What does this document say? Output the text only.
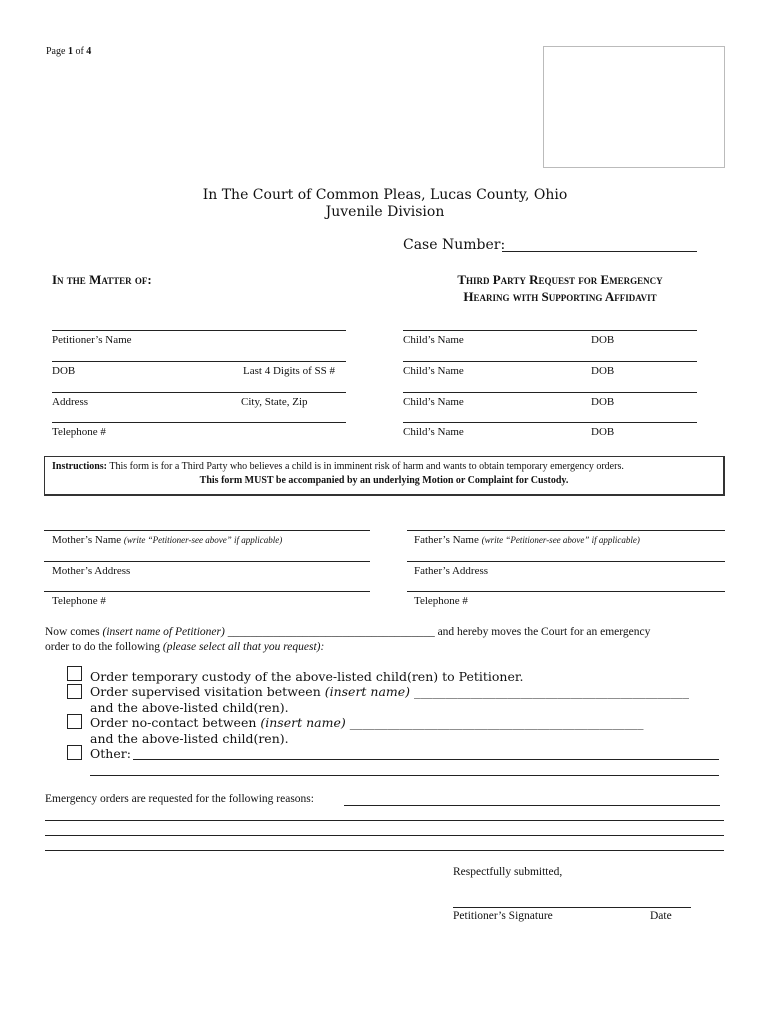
Page 1 of 4
In The Court of Common Pleas, Lucas County, Ohio
Juvenile Division
Case Number:
In the Matter of:	Third Party Request for Emergency
Hearing with Supporting Affidavit
Petitioner’s Name
DOB	Last 4 Digits of SS #
Address	City, State, Zip
Telephone #
Child’s Name	DOB
Child’s Name	DOB
Child’s Name	DOB
Child’s Name	DOB
Instructions: This form is for a Third Party who believes a child is in imminent risk of harm and wants to obtain temporary emergency orders.
This form MUST be accompanied by an underlying Motion or Complaint for Custody.
Mother’s Name (write “Petitioner-see above” if applicable)	Father’s Name (write “Petitioner-see above” if applicable)
Mother’s Address	Father’s Address
Telephone #	Telephone #
Now comes (insert name of Petitioner) ____________________________________ and hereby moves the Court for an emergency
order to do the following (please select all that you request):
Order temporary custody of the above-listed child(ren) to Petitioner.
Order supervised visitation between (insert name) ____________________________________________
and the above-listed child(ren).
Order no-contact between (insert name) _______________________________________________
and the above-listed child(ren).
Other:
Emergency orders are requested for the following reasons:
Respectfully submitted,
Petitioner’s Signature	Date
